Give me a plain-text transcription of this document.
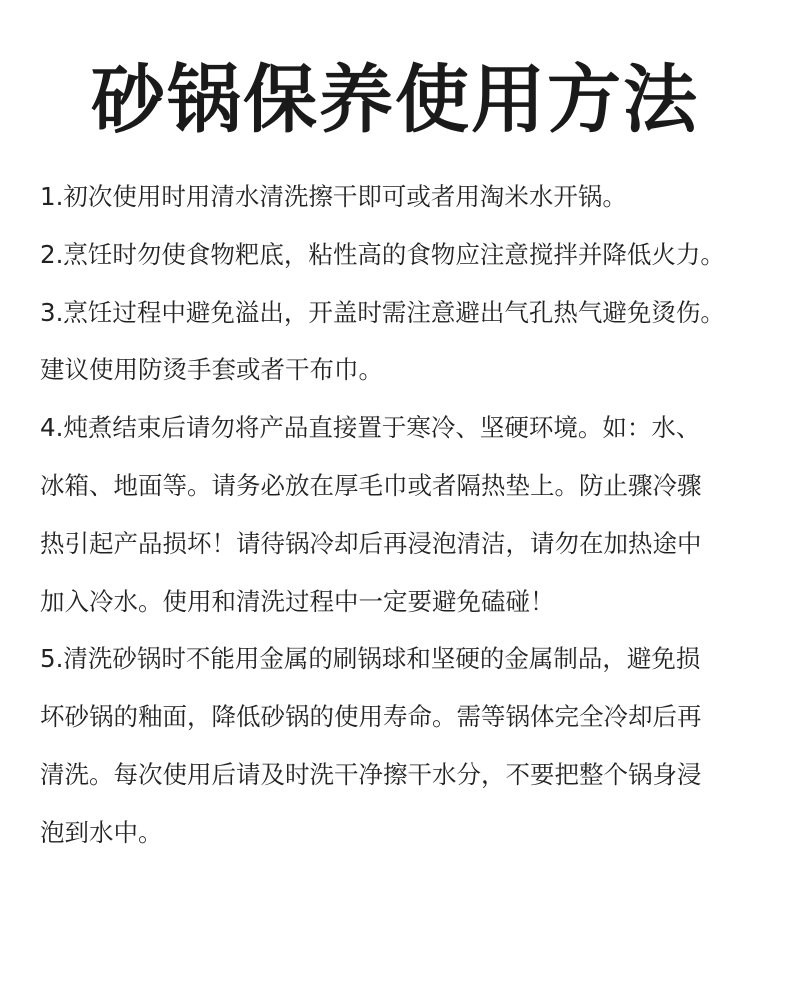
砂锅保养使用方法

1.初次使用时用清水清洗擦干即可或者用淘米水开锅。

2.烹饪时勿使食物粑底，粘性高的食物应注意搅拌并降低火力。

3.烹饪过程中避免溢出，开盖时需注意避出气孔热气避免烫伤。

建议使用防烫手套或者干布巾。

4.炖煮结束后请勿将产品直接置于寒冷、坚硬环境。如：水、

冰箱、地面等。请务必放在厚毛巾或者隔热垫上。防止骤冷骤

热引起产品损坏！请待锅冷却后再浸泡清洁，请勿在加热途中

加入冷水。使用和清洗过程中一定要避免磕碰！

5.清洗砂锅时不能用金属的刷锅球和坚硬的金属制品，避免损

坏砂锅的釉面，降低砂锅的使用寿命。需等锅体完全冷却后再

清洗。每次使用后请及时洗干净擦干水分，不要把整个锅身浸

泡到水中。
